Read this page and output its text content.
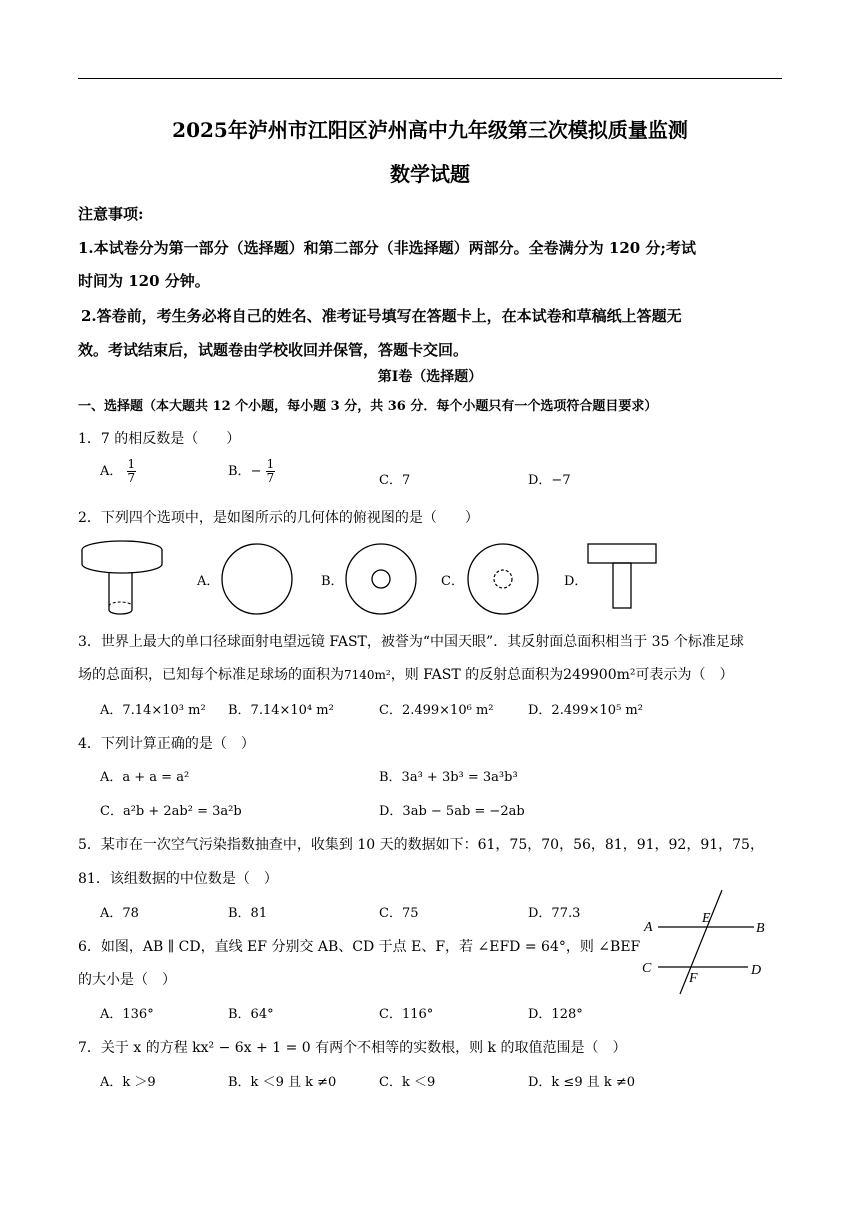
2025年泸州市江阳区泸州高中九年级第三次模拟质量监测
数学试题
注意事项:
1.本试卷分为第一部分（选择题）和第二部分（非选择题）两部分。全卷满分为 120 分;考试
时间为 120 分钟。
2.答卷前，考生务必将自己的姓名、准考证号填写在答题卡上，在本试卷和草稿纸上答题无
效。考试结束后，试题卷由学校收回并保管，答题卡交回。
第Ⅰ卷（选择题）
一、选择题（本大题共 12 个小题，每小题 3 分，共 36 分．每个小题只有一个选项符合题目要求）
1．7 的相反数是（　　）
A． $\frac{1}{7}$	B．− $\frac{1}{7}$	C．7	D．−7
2．下列四个选项中，是如图所示的几何体的俯视图的是（　　）
A．	B．	C．	D．
3．世界上最大的单口径球面射电望远镜 FAST，被誉为“中国天眼”．其反射面总面积相当于 35 个标准足球
场的总面积，已知每个标准足球场的面积为7140m²，则 FAST 的反射总面积为249900m²可表示为（　）
A．7.14×10³ m² B．7.14×10⁴ m²	C．2.499×10⁶ m²	D．2.499×10⁵ m²
4．下列计算正确的是（　）
A．a + a = a²	B．3a³ + 3b³ = 3a³b³
C．a²b + 2ab² = 3a²b	D．3ab − 5ab = −2ab
5．某市在一次空气污染指数抽查中，收集到 10 天的数据如下：61，75，70，56，81，91，92，91，75，
81．该组数据的中位数是（　）
A．78	B．81	C．75	D．77.3
A	B
C	D
E
F
6．如图，AB ∥ CD，直线 EF 分别交 AB、CD 于点 E、F，若 ∠EFD = 64°，则 ∠BEF
的大小是（　）
A．136°	B．64°	C．116°	D．128°
7．关于 x 的方程 kx² − 6x + 1 = 0 有两个不相等的实数根，则 k 的取值范围是（　）
A．k ＞9	B．k ＜9 且 k ≠0	C．k ＜9	D．k ≤9 且 k ≠0
